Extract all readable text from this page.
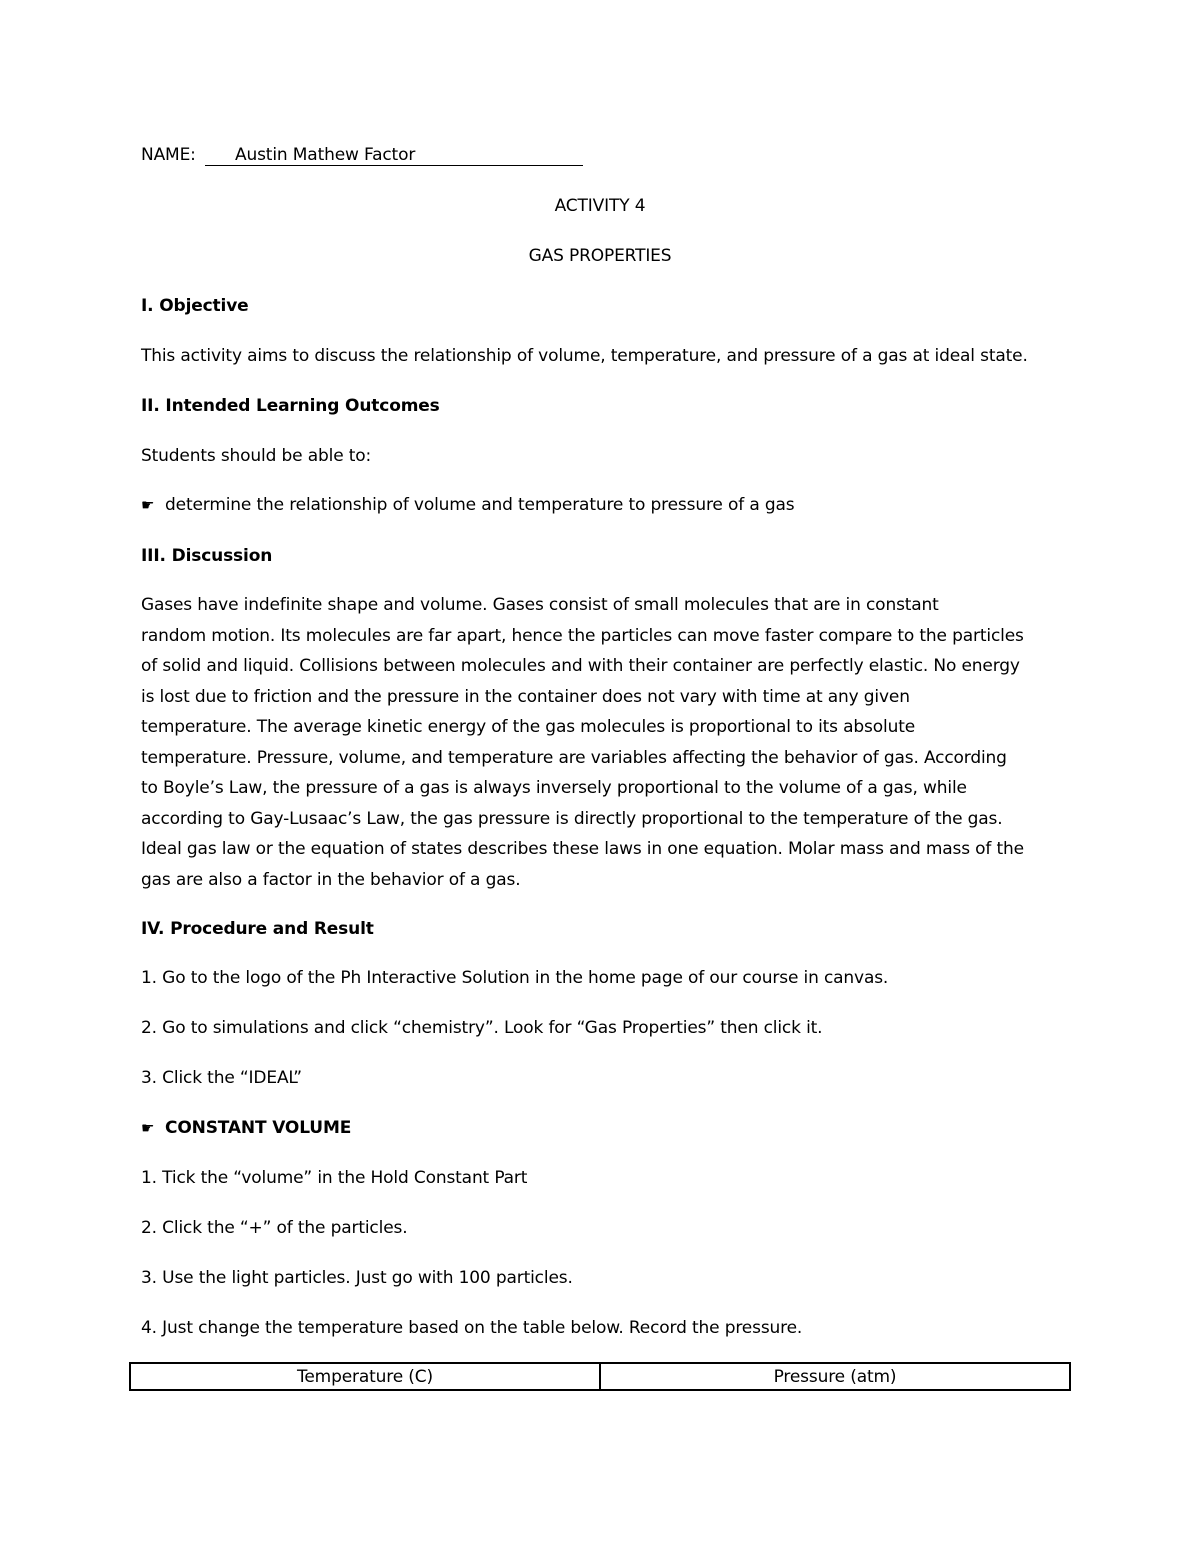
NAME: Austin Mathew Factor
ACTIVITY 4
GAS PROPERTIES
I. Objective
This activity aims to discuss the relationship of volume, temperature, and pressure of a gas at ideal state.
II. Intended Learning Outcomes
Students should be able to:
☛ determine the relationship of volume and temperature to pressure of a gas
III. Discussion
Gases have indefinite shape and volume. Gases consist of small molecules that are in constant
random motion. Its molecules are far apart, hence the particles can move faster compare to the particles
of solid and liquid. Collisions between molecules and with their container are perfectly elastic. No energy
is lost due to friction and the pressure in the container does not vary with time at any given
temperature. The average kinetic energy of the gas molecules is proportional to its absolute
temperature. Pressure, volume, and temperature are variables affecting the behavior of gas. According
to Boyle’s Law, the pressure of a gas is always inversely proportional to the volume of a gas, while
according to Gay-Lusaac’s Law, the gas pressure is directly proportional to the temperature of the gas.
Ideal gas law or the equation of states describes these laws in one equation. Molar mass and mass of the
gas are also a factor in the behavior of a gas.
IV. Procedure and Result
1. Go to the logo of the Ph Interactive Solution in the home page of our course in canvas.
2. Go to simulations and click “chemistry”. Look for “Gas Properties” then click it.
3. Click the “IDEAL”
☛ CONSTANT VOLUME
1. Tick the “volume” in the Hold Constant Part
2. Click the “+” of the particles.
3. Use the light particles. Just go with 100 particles.
4. Just change the temperature based on the table below. Record the pressure.
Temperature (C)	Pressure (atm)
